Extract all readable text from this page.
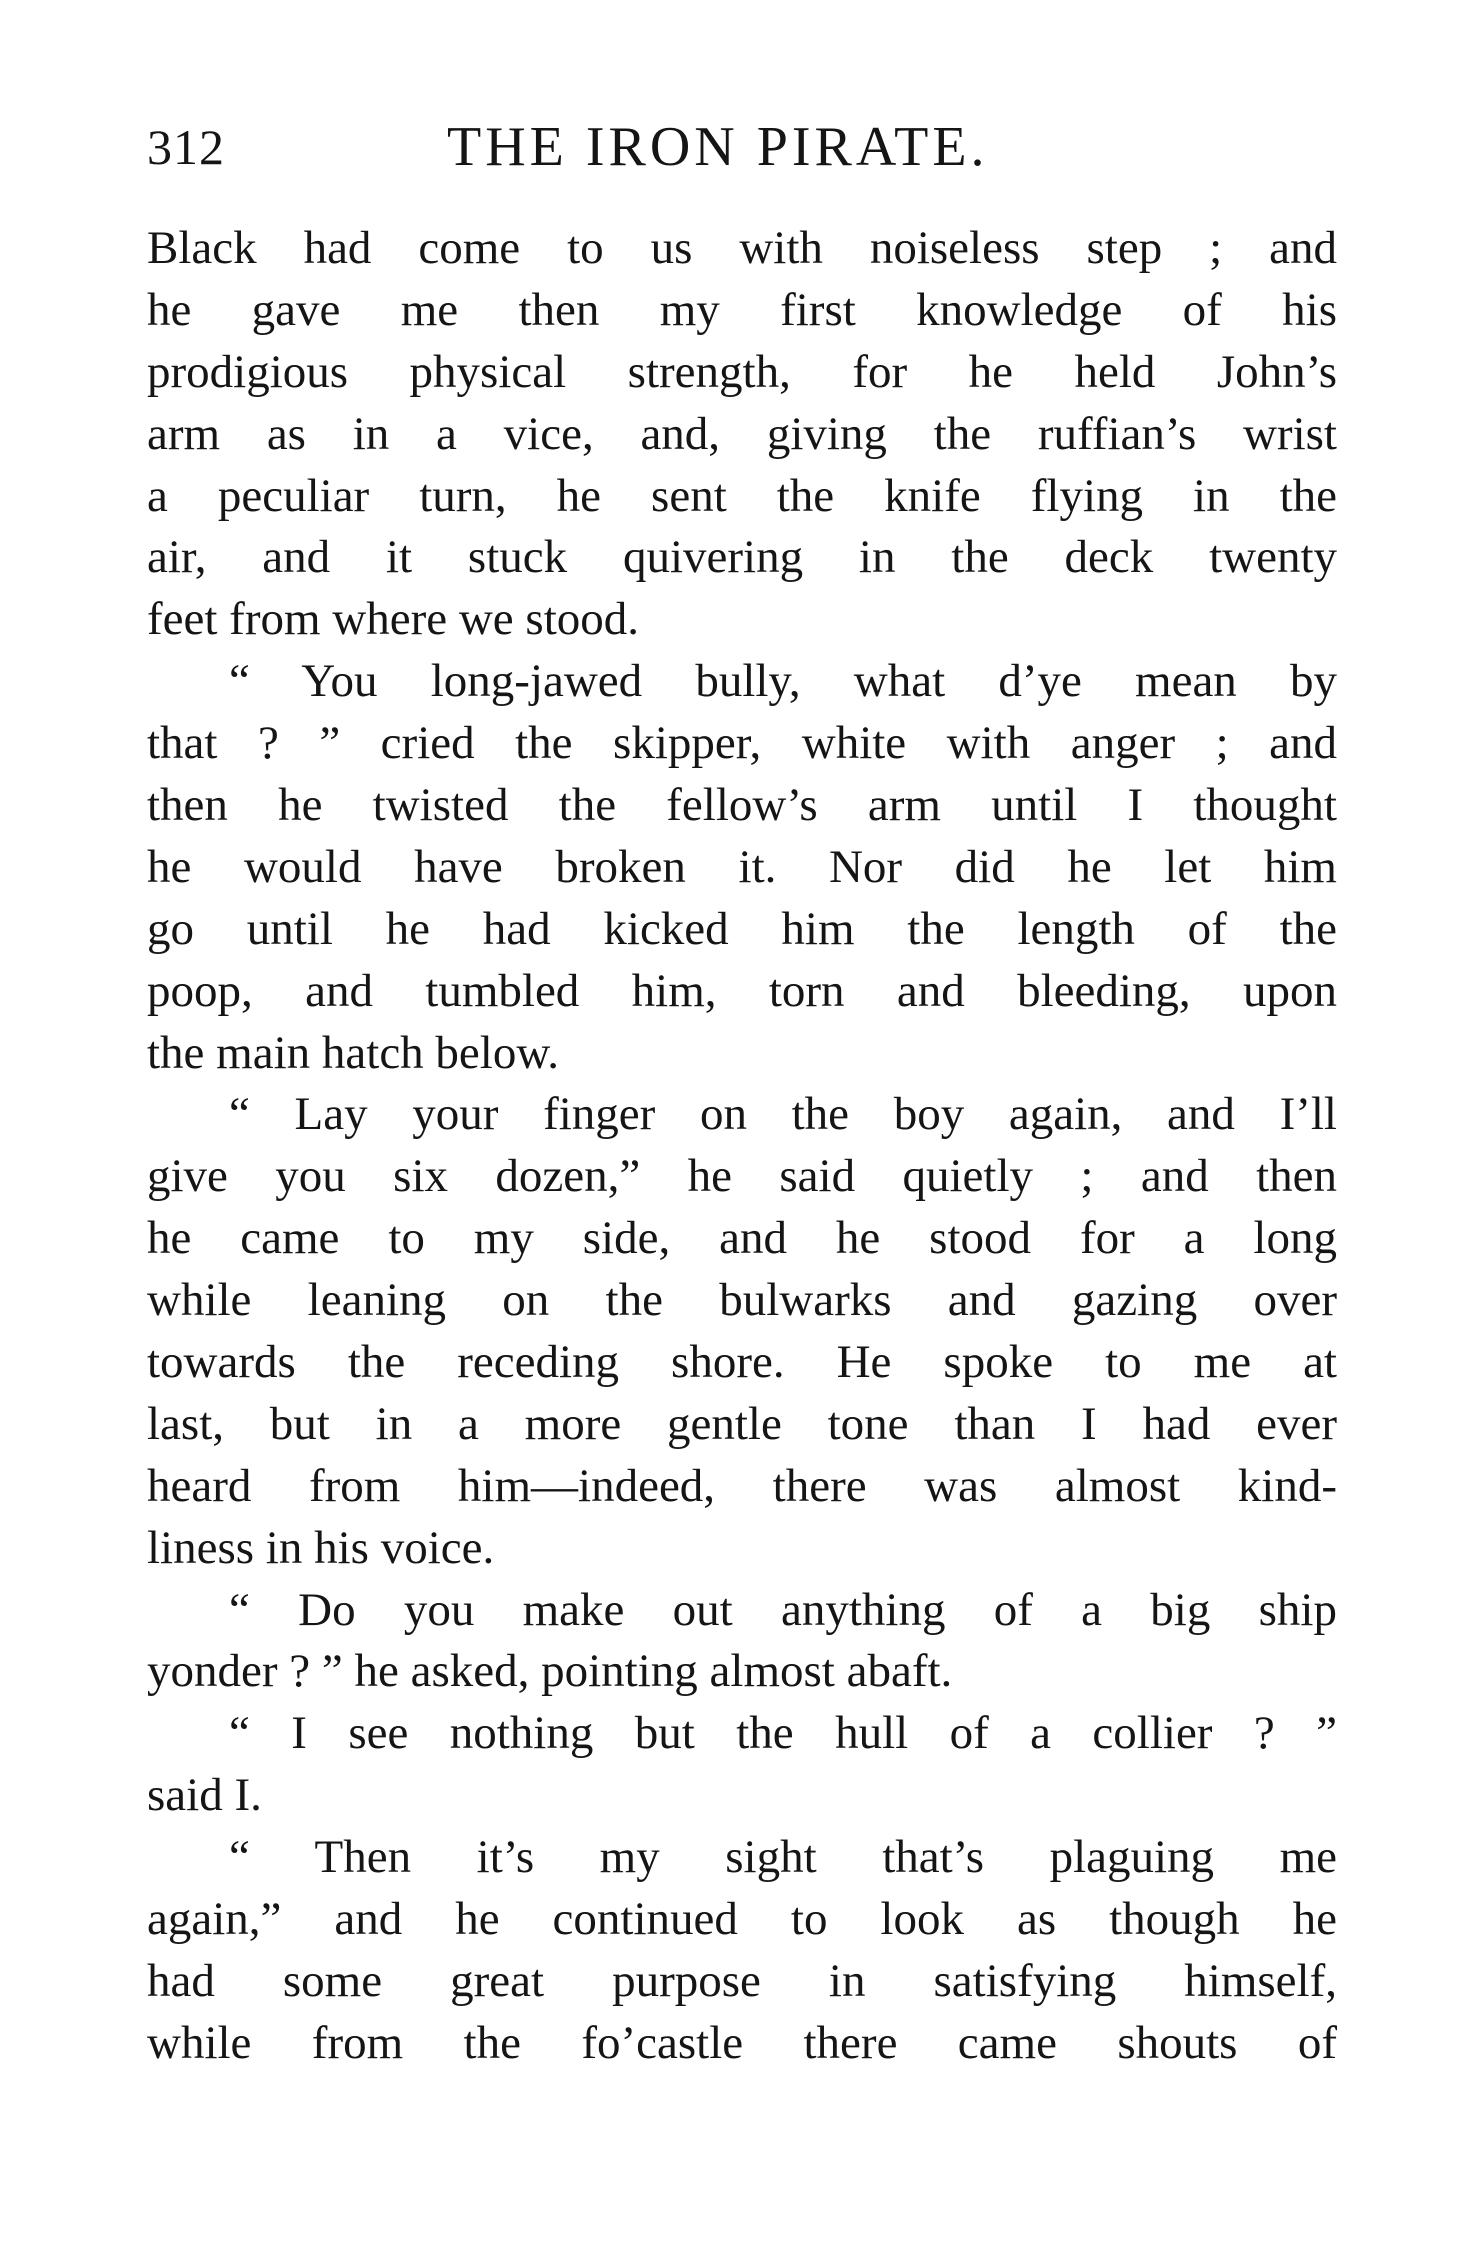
312	THE IRON PIRATE.
Black had come to us with noiseless step ; and
he gave me then my first knowledge of his
prodigious physical strength, for he held John’s
arm as in a vice, and, giving the ruffian’s wrist
a peculiar turn, he sent the knife flying in the
air, and it stuck quivering in the deck twenty
feet from where we stood.
“ You long-jawed bully, what d’ye mean by
that ? ” cried the skipper, white with anger ; and
then he twisted the fellow’s arm until I thought
he would have broken it. Nor did he let him
go until he had kicked him the length of the
poop, and tumbled him, torn and bleeding, upon
the main hatch below.
“ Lay your finger on the boy again, and I’ll
give you six dozen,” he said quietly ; and then
he came to my side, and he stood for a long
while leaning on the bulwarks and gazing over
towards the receding shore. He spoke to me at
last, but in a more gentle tone than I had ever
heard from him—indeed, there was almost kind-
liness in his voice.
“ Do you make out anything of a big ship
yonder ? ” he asked, pointing almost abaft.
“ I see nothing but the hull of a collier ? ”
said I.
“ Then it’s my sight that’s plaguing me
again,” and he continued to look as though he
had some great purpose in satisfying himself,
while from the fo’castle there came shouts of
